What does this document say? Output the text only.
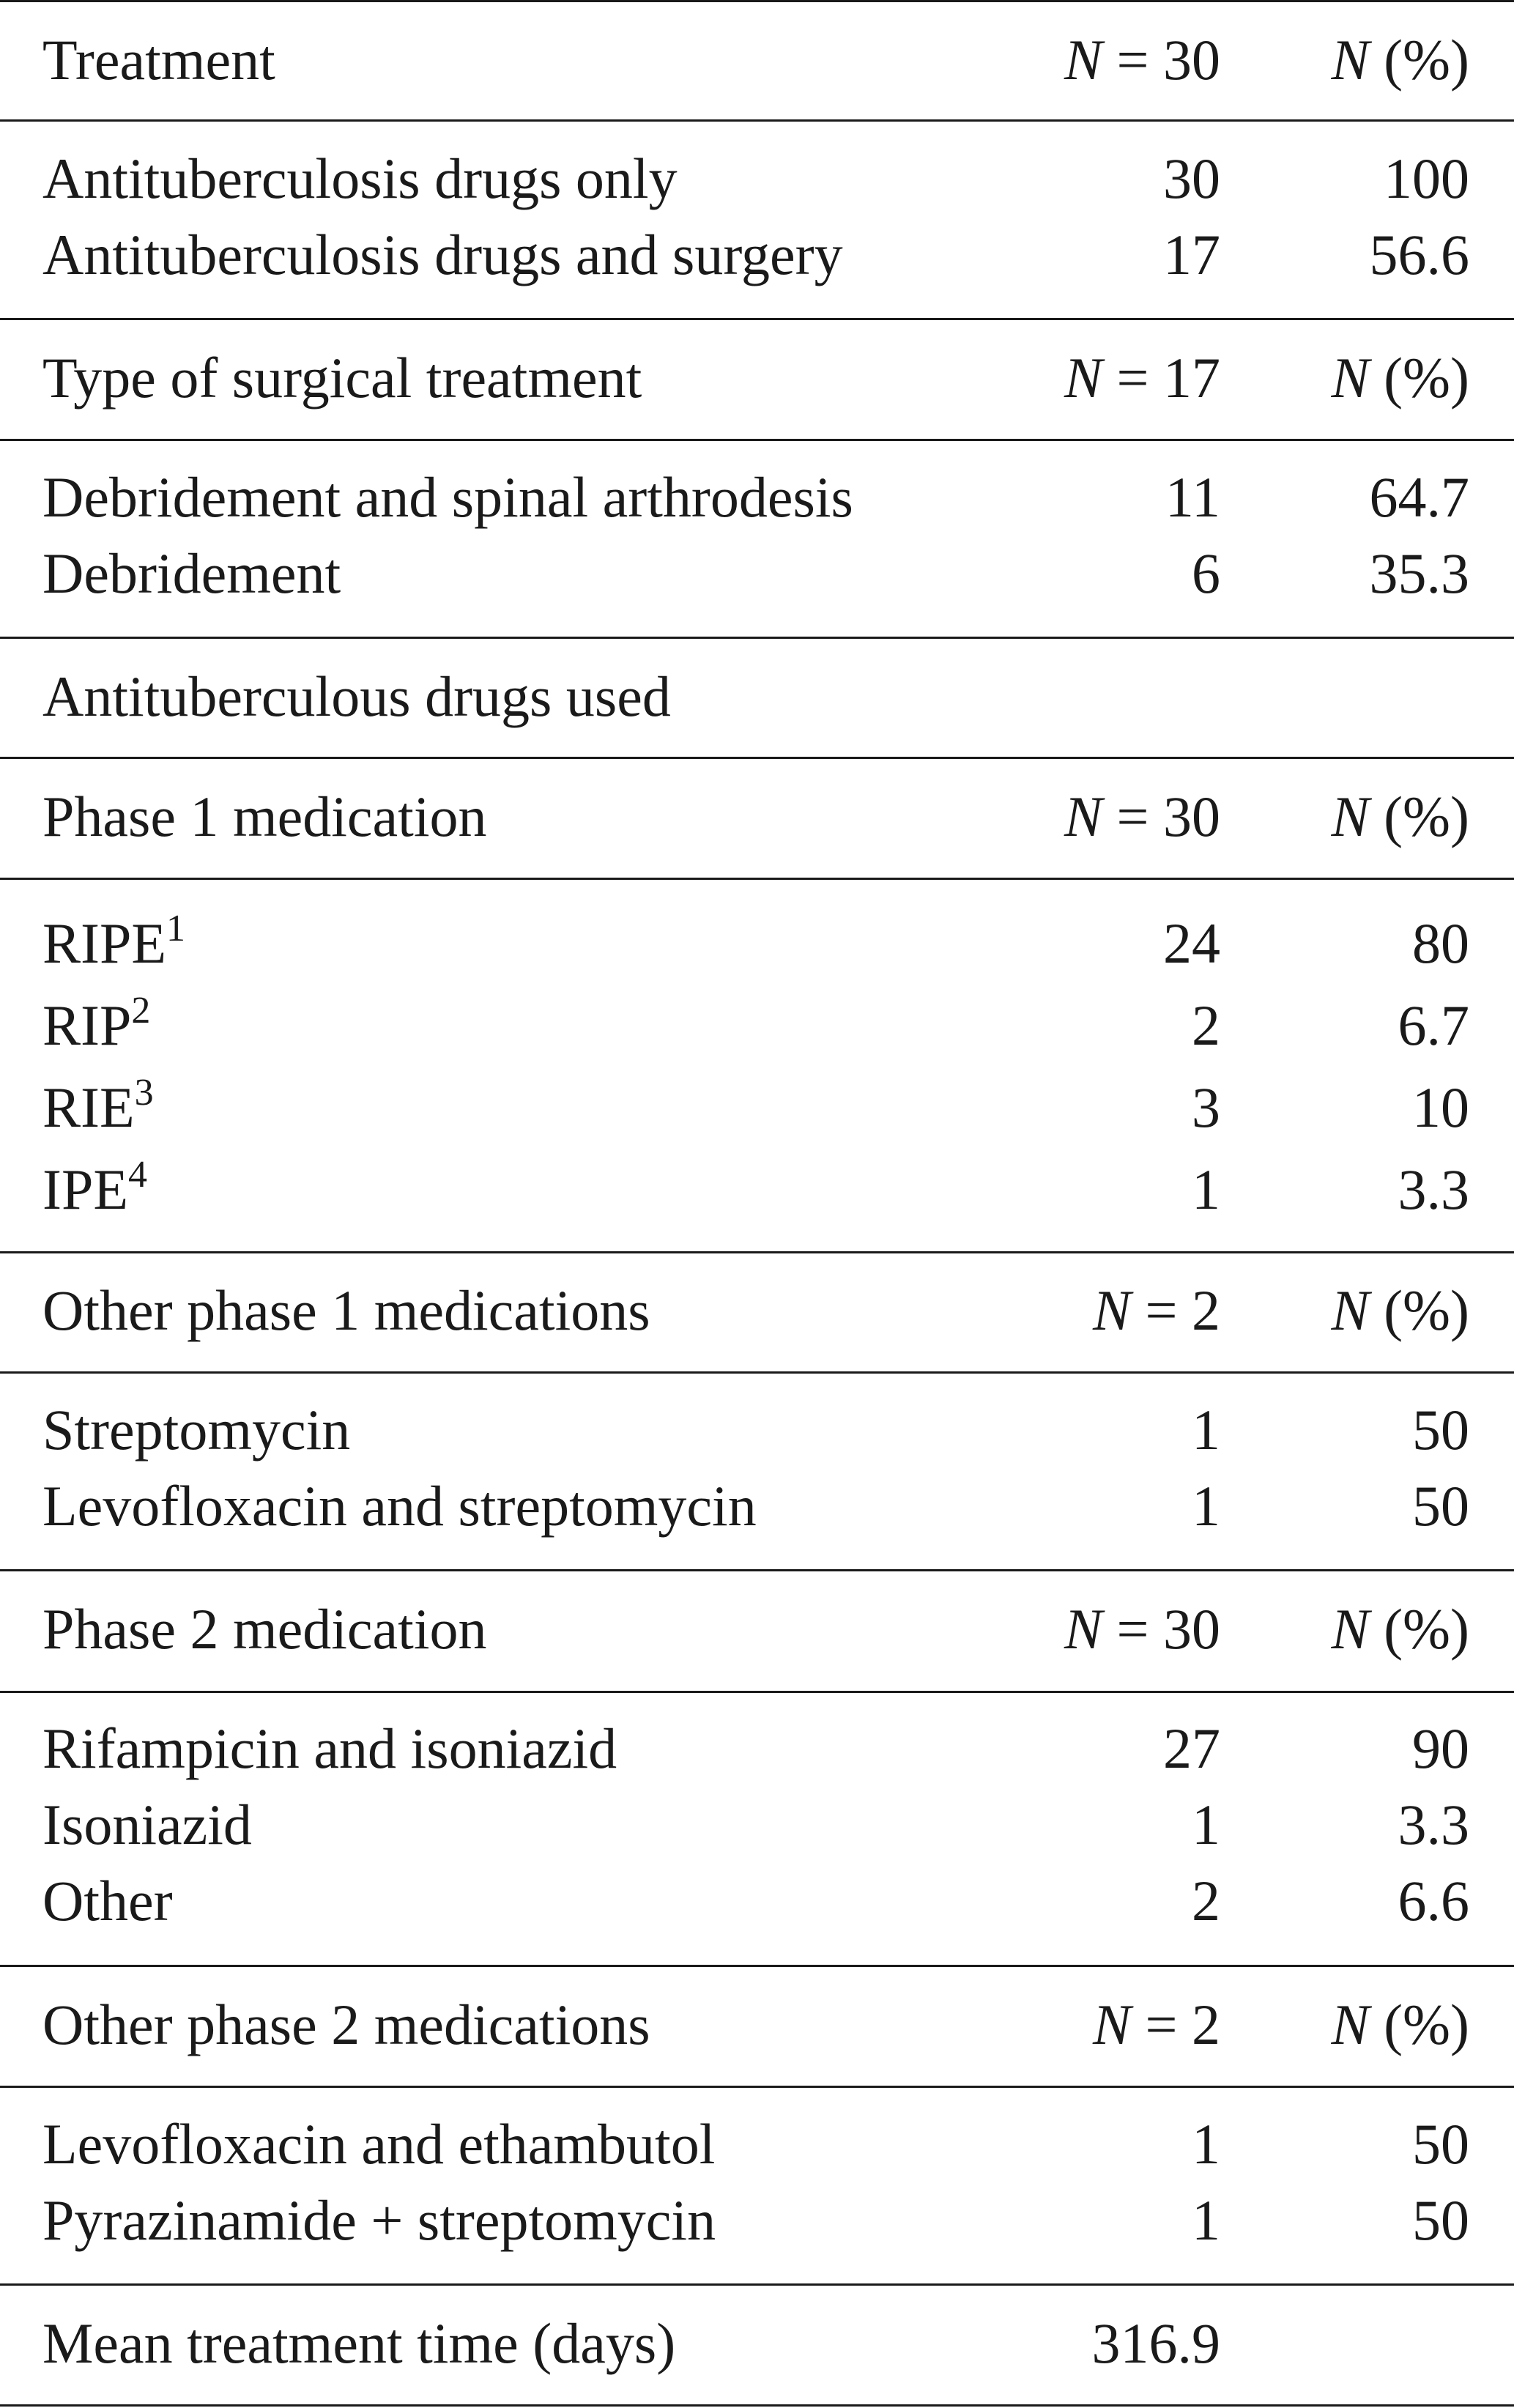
Treatment	N = 30 N (%)
Antituberculosis drugs only	30	100
Antituberculosis drugs and surgery	17	56.6
Type of surgical treatment	N = 17 N (%)
Debridement and spinal arthrodesis	11	64.7
Debridement	6	35.3
Antituberculous drugs used
Phase 1 medication	N = 30 N (%)
RIPE$^1$	24	80
RIP$^2$	2	6.7
RIE$^3$	3	10
IPE$^4$	1	3.3
Other phase 1 medications	N = 2 N (%)
Streptomycin	1	50
Levofloxacin and streptomycin	1	50
Phase 2 medication	N = 30 N (%)
Rifampicin and isoniazid	27	90
Isoniazid	1	3.3
Other	2	6.6
Other phase 2 medications	N = 2 N (%)
Levofloxacin and ethambutol	1	50
Pyrazinamide + streptomycin	1	50
Mean treatment time (days)	316.9
